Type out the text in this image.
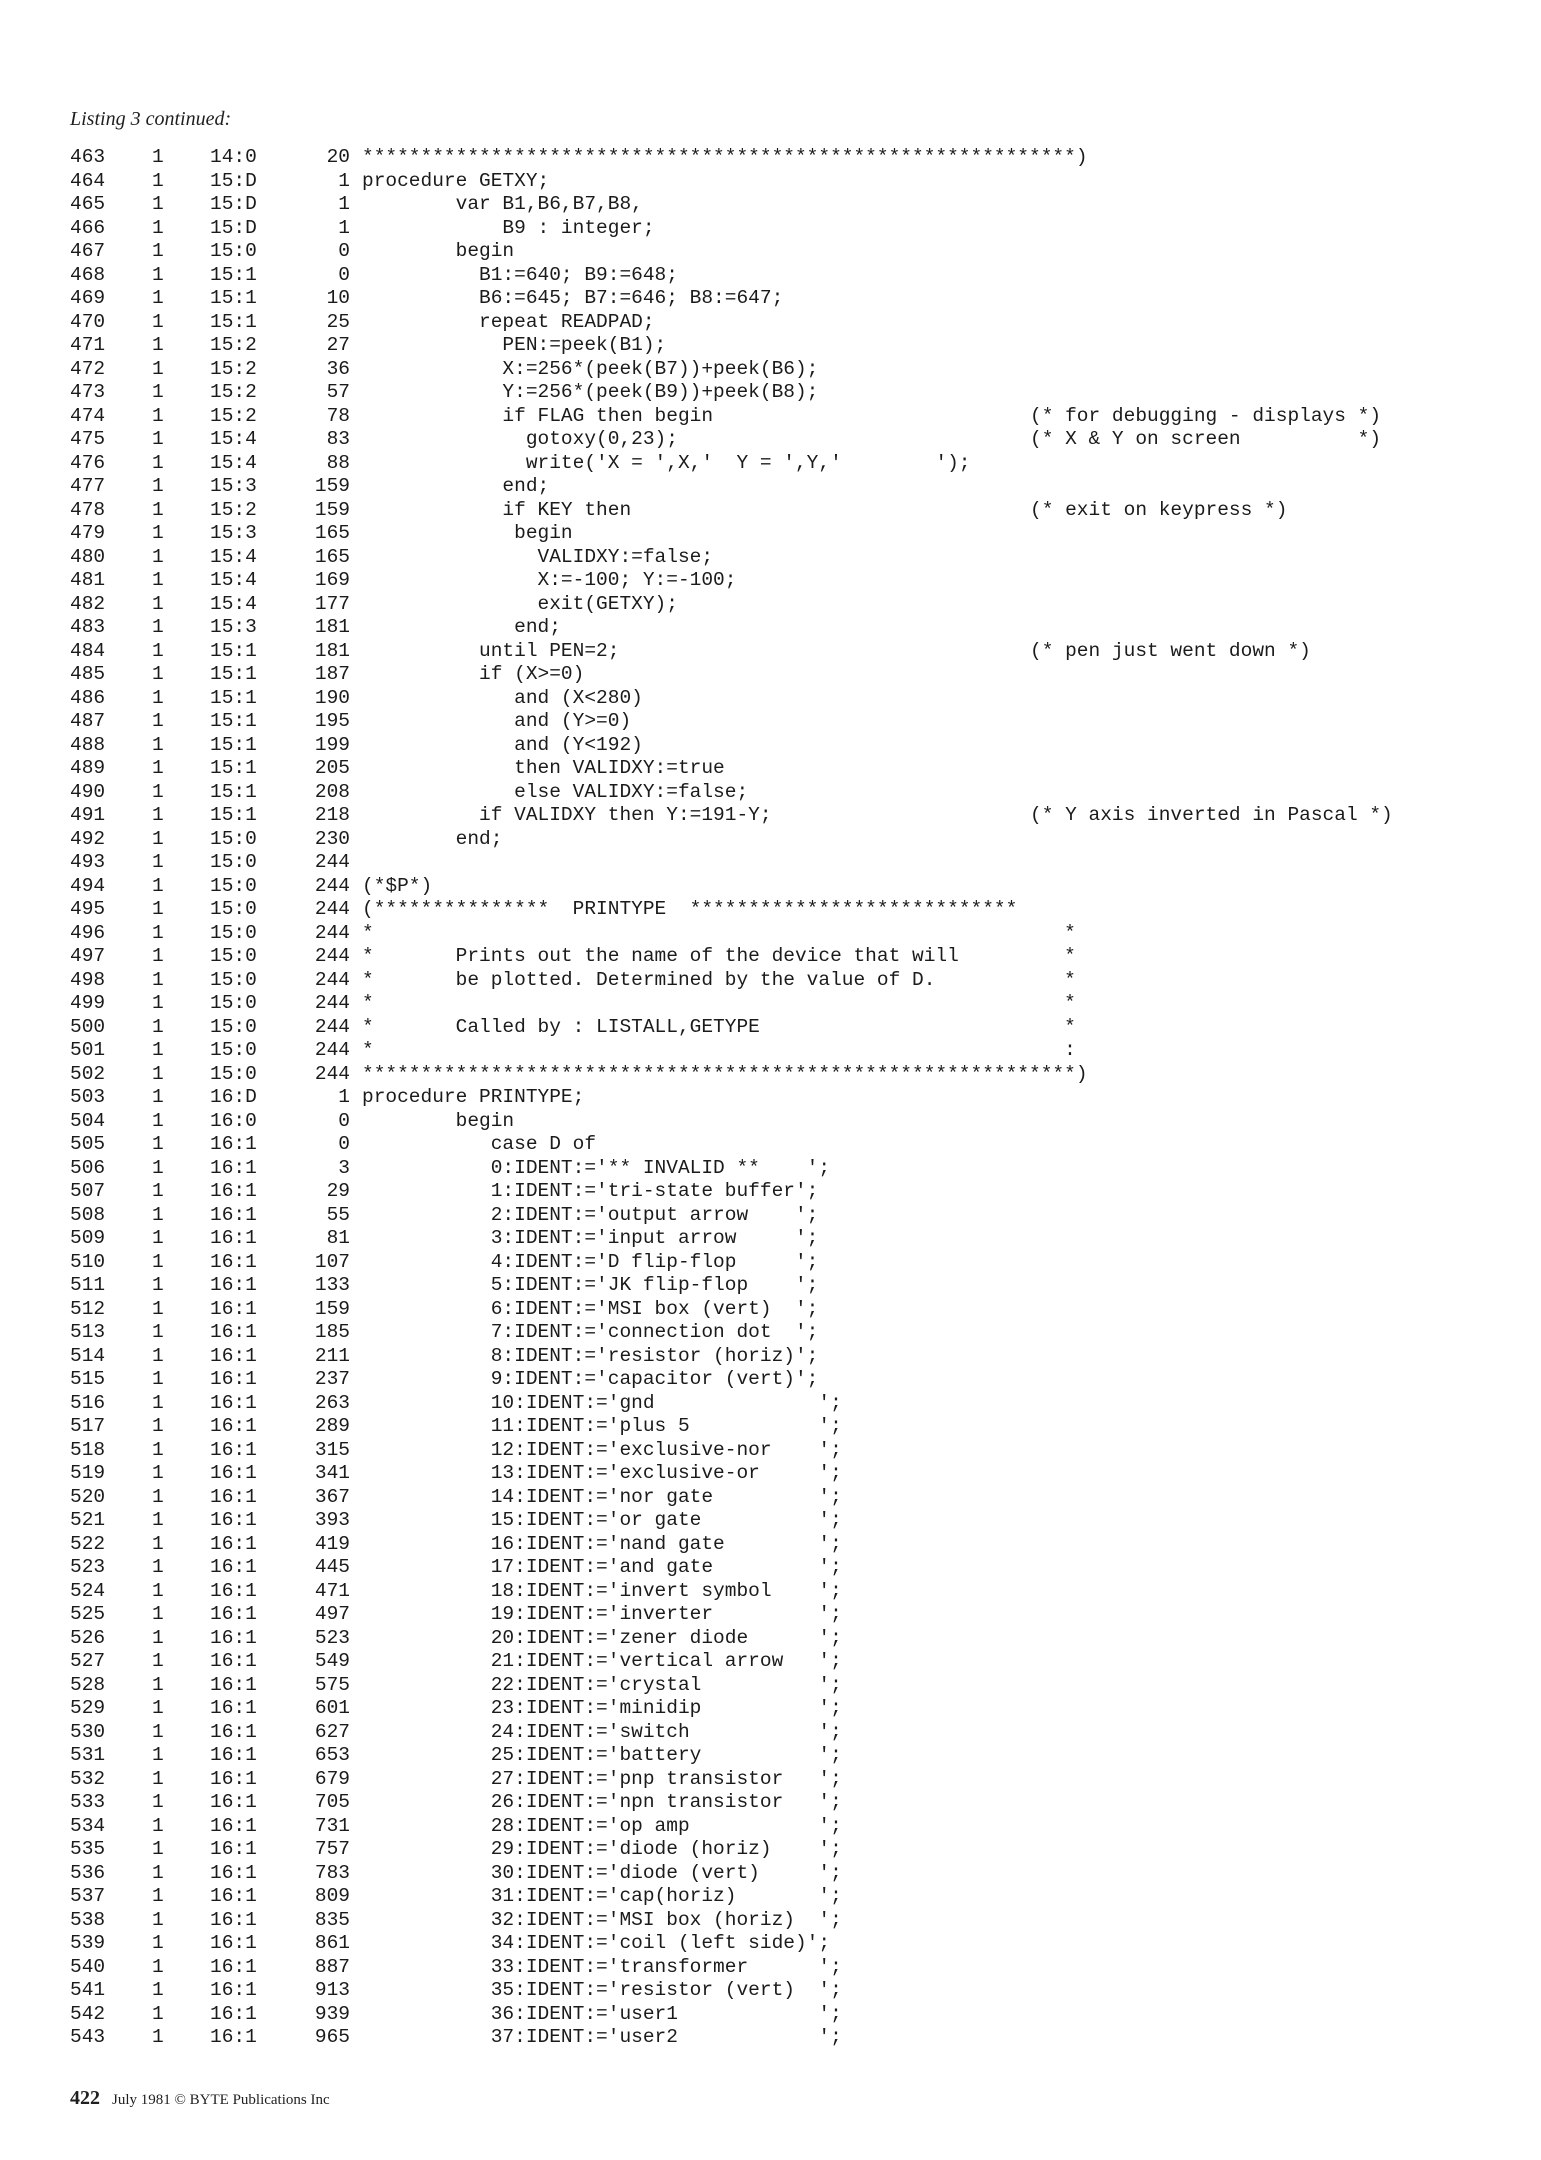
Listing 3 continued:
463 1 14:0	20 *************************************************************)
464 1 15:D	1 procedure GETXY;
465 1 15:D	1 var B1,B6,B7,B8,
466 1 15:D	1 B9 : integer;
467 1 15:0	0 begin
468 1 15:1	0 B1:=640; B9:=648;
469 1 15:1	10 B6:=645; B7:=646; B8:=647;
470 1 15:1	25 repeat READPAD;
471 1 15:2	27 PEN:=peek(B1);
472 1 15:2	36 X:=256*(peek(B7))+peek(B6);
473 1 15:2	57 Y:=256*(peek(B9))+peek(B8);
474 1 15:2	78 if FLAG then begin	(* for debugging - displays *)
475 1 15:4	83 gotoxy(0,23);	(* X & Y on screen          *)
476 1 15:4	88 write('X = ',X,'  Y = ',Y,'        ');
477 1 15:3	159 end;
478 1 15:2	159 if KEY then	(* exit on keypress *)
479 1 15:3	165 begin
480 1 15:4	165 VALIDXY:=false;
481 1 15:4	169 X:=-100; Y:=-100;
482 1 15:4	177 exit(GETXY);
483 1 15:3	181 end;
484 1 15:1	181 until PEN=2;	(* pen just went down *)
485 1 15:1	187 if (X>=0)
486 1 15:1	190 and (X<280)
487 1 15:1	195 and (Y>=0)
488 1 15:1	199 and (Y<192)
489 1 15:1	205 then VALIDXY:=true
490 1 15:1	208 else VALIDXY:=false;
491 1 15:1	218 if VALIDXY then Y:=191-Y;	(* Y axis inverted in Pascal *)
492 1 15:0	230 end;
493 1 15:0	244
494 1 15:0	244 (*$P*)
495 1 15:0	244 (***************  PRINTYPE  ****************************
496 1 15:0	244 *                                                           *
497 1 15:0	244 *       Prints out the name of the device that will         *
498 1 15:0	244 *       be plotted. Determined by the value of D.           *
499 1 15:0	244 *                                                           *
500 1 15:0	244 *       Called by : LISTALL,GETYPE                          *
501 1 15:0	244 *                                                           :
502 1 15:0	244 *************************************************************)
503 1 16:D	1 procedure PRINTYPE;
504 1 16:0	0 begin
505 1 16:1	0 case D of
506 1 16:1	3 0:IDENT:='** INVALID **    ';
507 1 16:1	29 1:IDENT:='tri-state buffer';
508 1 16:1	55 2:IDENT:='output arrow    ';
509 1 16:1	81 3:IDENT:='input arrow     ';
510 1 16:1	107 4:IDENT:='D flip-flop     ';
511 1 16:1	133 5:IDENT:='JK flip-flop    ';
512 1 16:1	159 6:IDENT:='MSI box (vert)  ';
513 1 16:1	185 7:IDENT:='connection dot  ';
514 1 16:1	211 8:IDENT:='resistor (horiz)';
515 1 16:1	237 9:IDENT:='capacitor (vert)';
516 1 16:1	263 10:IDENT:='gnd              ';
517 1 16:1	289 11:IDENT:='plus 5           ';
518 1 16:1	315 12:IDENT:='exclusive-nor    ';
519 1 16:1	341 13:IDENT:='exclusive-or     ';
520 1 16:1	367 14:IDENT:='nor gate         ';
521 1 16:1	393 15:IDENT:='or gate          ';
522 1 16:1	419 16:IDENT:='nand gate        ';
523 1 16:1	445 17:IDENT:='and gate         ';
524 1 16:1	471 18:IDENT:='invert symbol    ';
525 1 16:1	497 19:IDENT:='inverter         ';
526 1 16:1	523 20:IDENT:='zener diode      ';
527 1 16:1	549 21:IDENT:='vertical arrow   ';
528 1 16:1	575 22:IDENT:='crystal          ';
529 1 16:1	601 23:IDENT:='minidip          ';
530 1 16:1	627 24:IDENT:='switch           ';
531 1 16:1	653 25:IDENT:='battery          ';
532 1 16:1	679 27:IDENT:='pnp transistor   ';
533 1 16:1	705 26:IDENT:='npn transistor   ';
534 1 16:1	731 28:IDENT:='op amp           ';
535 1 16:1	757 29:IDENT:='diode (horiz)    ';
536 1 16:1	783 30:IDENT:='diode (vert)     ';
537 1 16:1	809 31:IDENT:='cap(horiz)       ';
538 1 16:1	835 32:IDENT:='MSI box (horiz)  ';
539 1 16:1	861 34:IDENT:='coil (left side)';
540 1 16:1	887 33:IDENT:='transformer      ';
541 1 16:1	913 35:IDENT:='resistor (vert)  ';
542 1 16:1	939 36:IDENT:='user1            ';
543 1 16:1	965 37:IDENT:='user2            ';
422 July 1981 © BYTE Publications Inc
